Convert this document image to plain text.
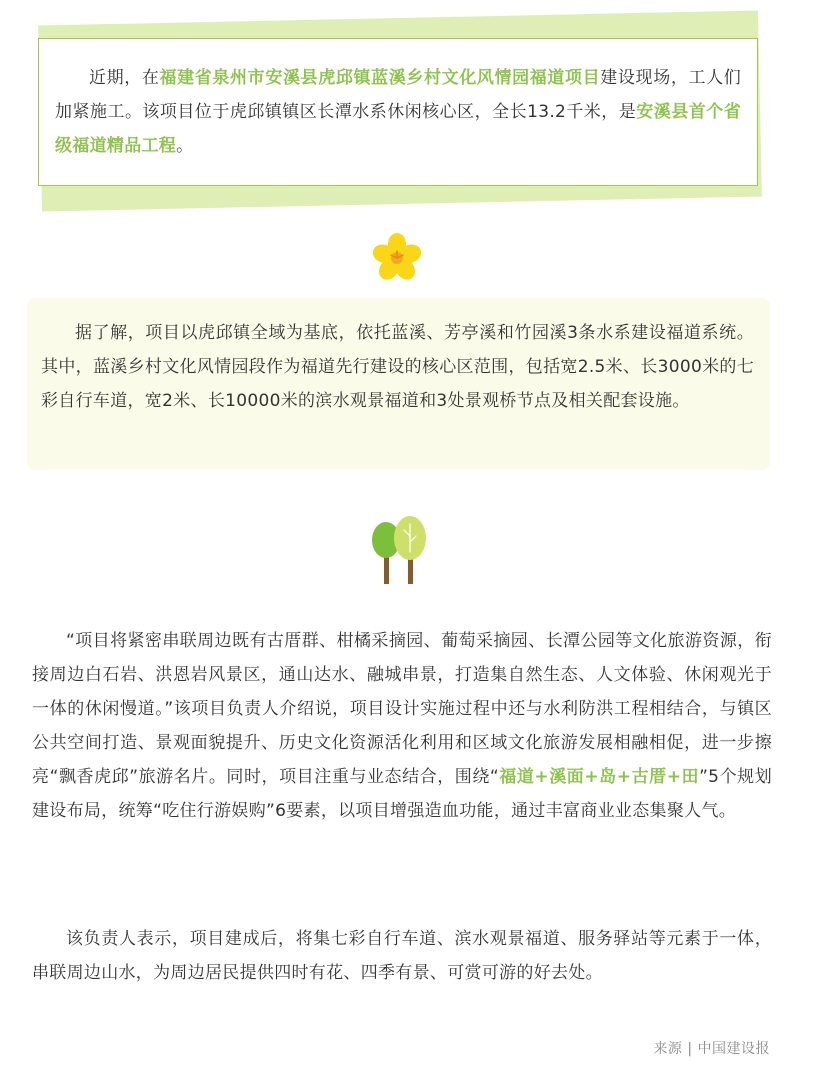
近期，在福建省泉州市安溪县虎邱镇蓝溪乡村文化风情园福道项目建设现场，工人们加紧施工。该项目位于虎邱镇镇区长潭水系休闲核心区，全长13.2千米，是安溪县首个省级福道精品工程。

据了解，项目以虎邱镇全域为基底，依托蓝溪、芳亭溪和竹园溪3条水系建设福道系统。其中，蓝溪乡村文化风情园段作为福道先行建设的核心区范围，包括宽2.5米、长3000米的七彩自行车道，宽2米、长10000米的滨水观景福道和3处景观桥节点及相关配套设施。

“项目将紧密串联周边既有古厝群、柑橘采摘园、葡萄采摘园、长潭公园等文化旅游资源，衔接周边白石岩、洪恩岩风景区，通山达水、融城串景，打造集自然生态、人文体验、休闲观光于一体的休闲慢道。”该项目负责人介绍说，项目设计实施过程中还与水利防洪工程相结合，与镇区公共空间打造、景观面貌提升、历史文化资源活化利用和区域文化旅游发展相融相促，进一步擦亮“飘香虎邱”旅游名片。同时，项目注重与业态结合，围绕“福道+溪面+岛+古厝+田”5个规划建设布局，统筹“吃住行游娱购”6要素，以项目增强造血功能，通过丰富商业业态集聚人气。

该负责人表示，项目建成后，将集七彩自行车道、滨水观景福道、服务驿站等元素于一体，串联周边山水，为周边居民提供四时有花、四季有景、可赏可游的好去处。

来源 | 中国建设报
